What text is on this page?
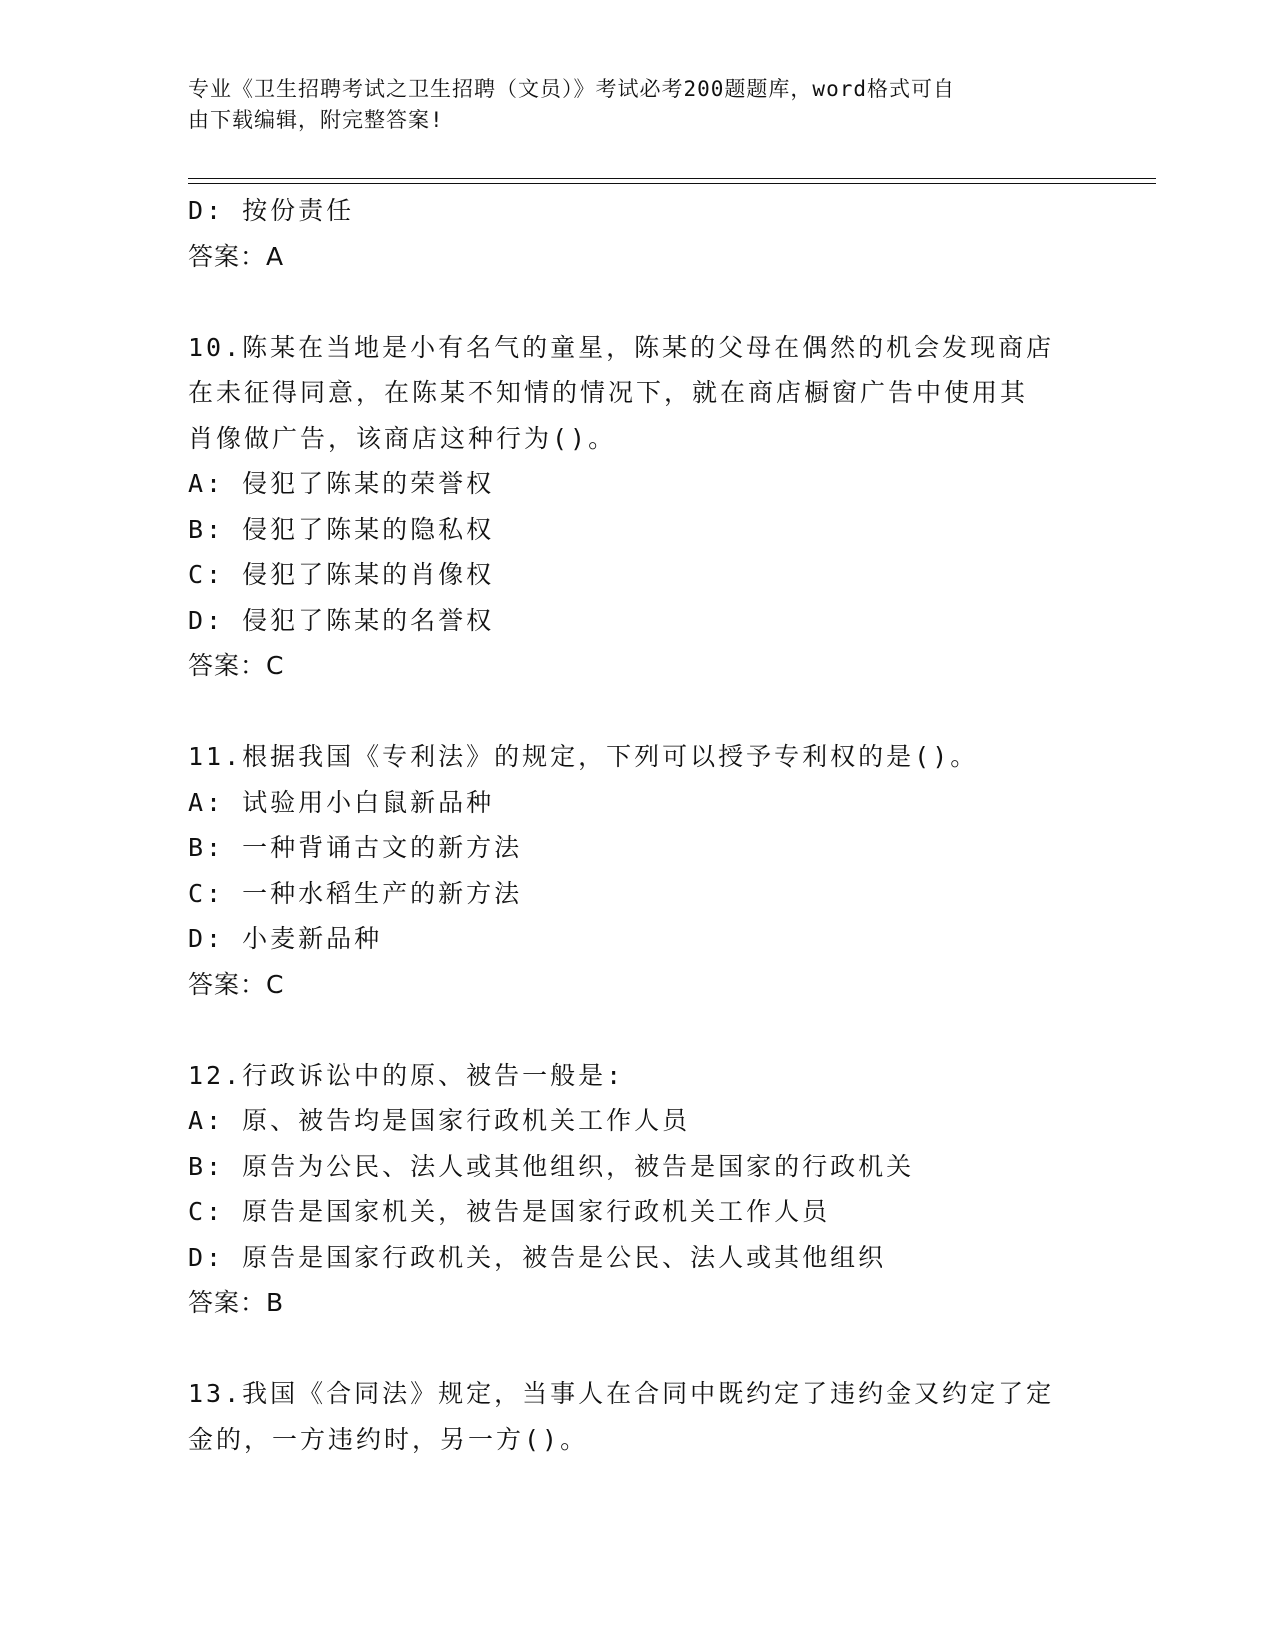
专业《卫生招聘考试之卫生招聘（文员）》考试必考200题题库，word格式可自
由下载编辑，附完整答案!
D: 按份责任
答案：A
10.陈某在当地是小有名气的童星，陈某的父母在偶然的机会发现商店
在未征得同意，在陈某不知情的情况下，就在商店橱窗广告中使用其
肖像做广告，该商店这种行为()。
A: 侵犯了陈某的荣誉权
B: 侵犯了陈某的隐私权
C: 侵犯了陈某的肖像权
D: 侵犯了陈某的名誉权
答案：C
11.根据我国《专利法》的规定，下列可以授予专利权的是()。
A: 试验用小白鼠新品种
B: 一种背诵古文的新方法
C: 一种水稻生产的新方法
D: 小麦新品种
答案：C
12.行政诉讼中的原、被告一般是:
A: 原、被告均是国家行政机关工作人员
B: 原告为公民、法人或其他组织，被告是国家的行政机关
C: 原告是国家机关，被告是国家行政机关工作人员
D: 原告是国家行政机关，被告是公民、法人或其他组织
答案：B
13.我国《合同法》规定，当事人在合同中既约定了违约金又约定了定
金的，一方违约时，另一方()。
